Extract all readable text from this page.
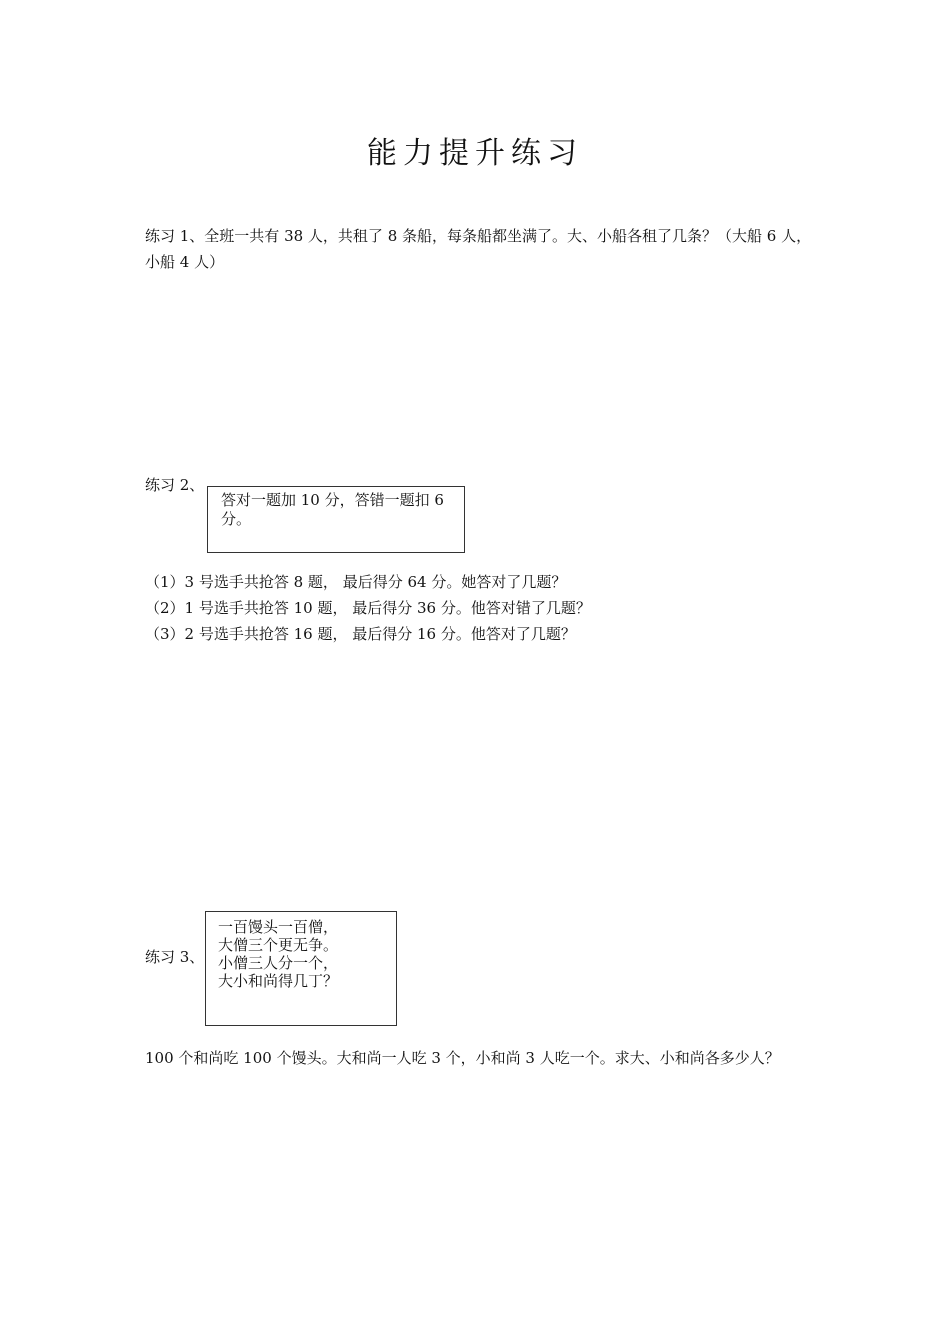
能力提升练习
练习 1、全班一共有 38 人，共租了 8 条船，每条船都坐满了。大、小船各租了几条？（大船 6 人，小船 4 人）
练习 2、
答对一题加 10 分，答错一题扣 6 分。
（1）3 号选手共抢答 8 题， 最后得分 64 分。她答对了几题？
（2）1 号选手共抢答 10 题， 最后得分 36 分。他答对错了几题？
（3）2 号选手共抢答 16 题， 最后得分 16 分。他答对了几题？
练习 3、
一百馒头一百僧，
大僧三个更无争。
小僧三人分一个，
大小和尚得几丁？
100 个和尚吃 100 个馒头。大和尚一人吃 3 个，小和尚 3 人吃一个。求大、小和尚各多少人？
